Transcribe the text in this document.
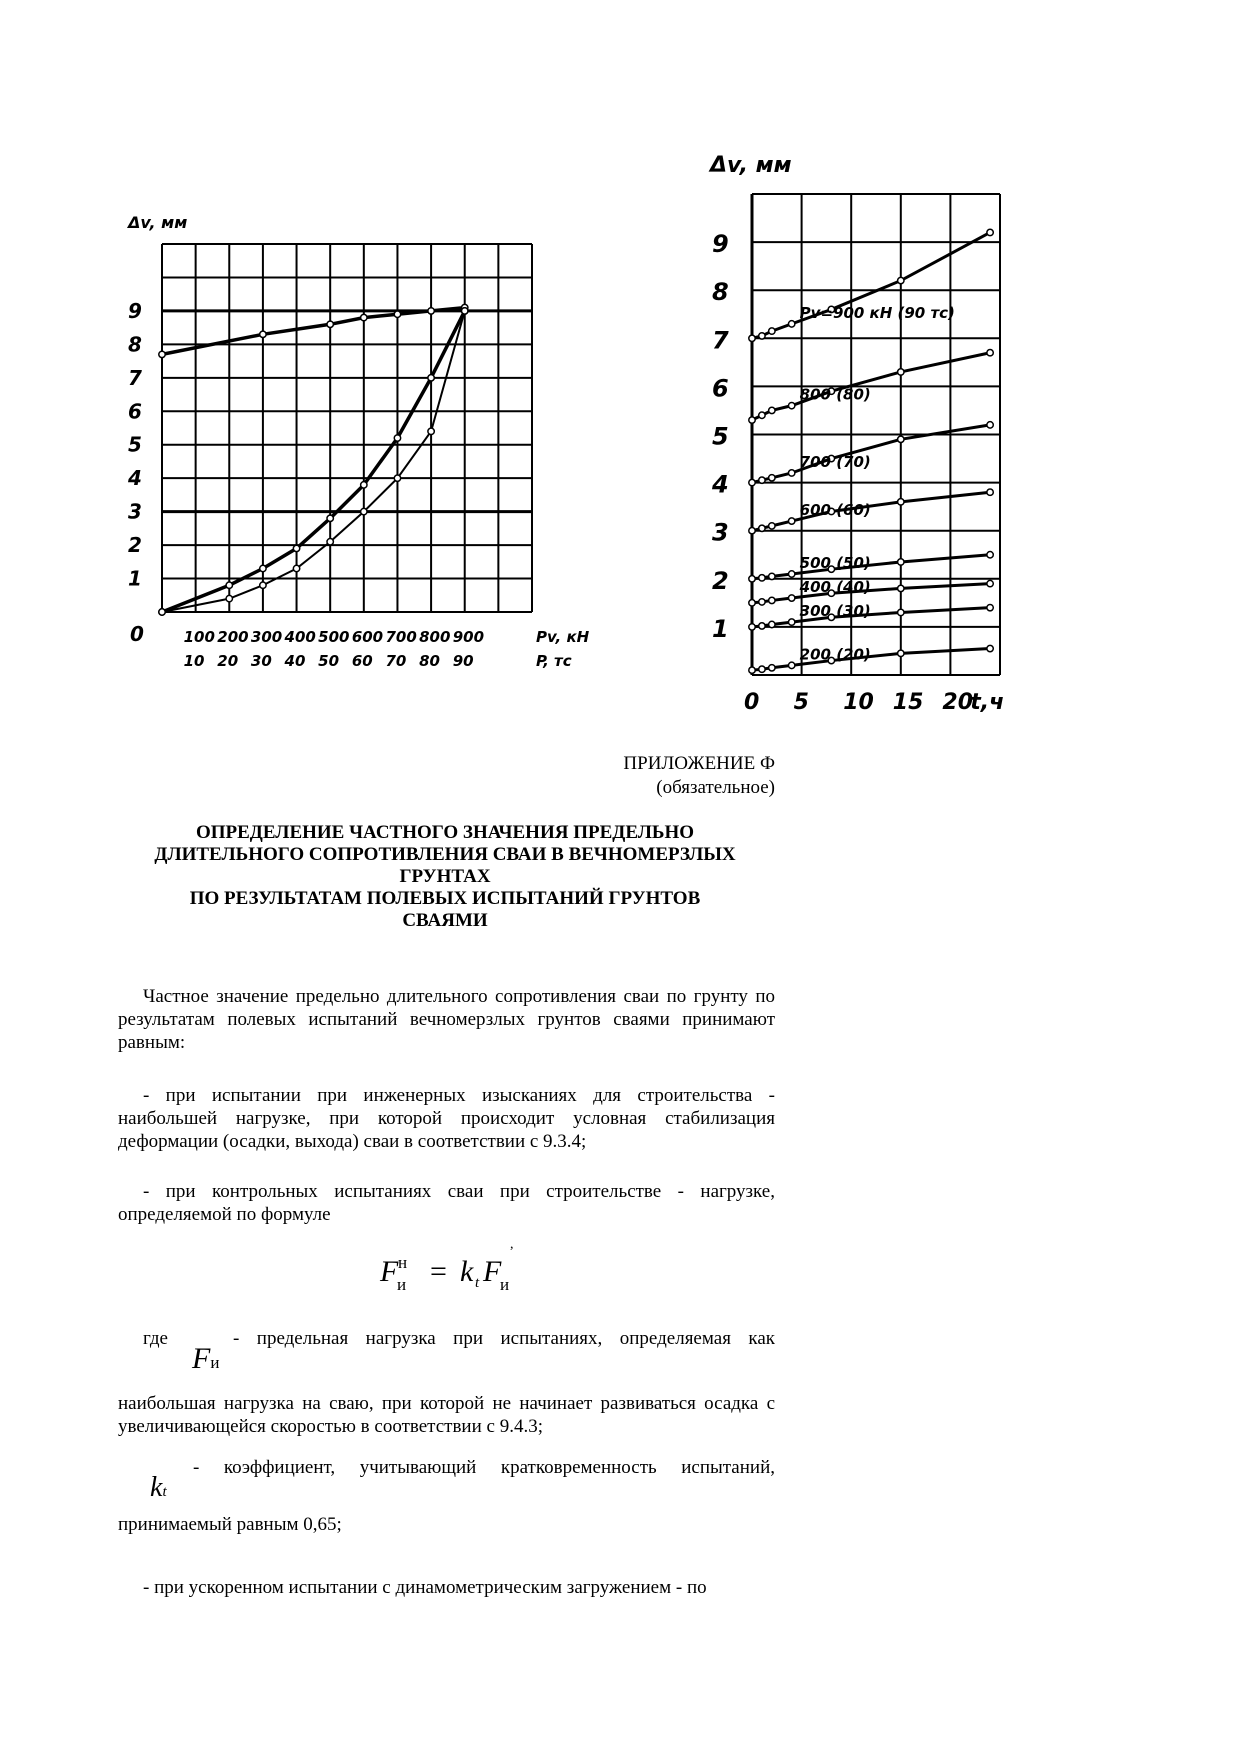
0
1
2
3
4
5
6
7
8
9
100 200 300 400 500 600 700 800 900
10 20 30 40 50 60 70 80 90
Pv, кН
P, тс
Δv, мм
Pv=900 кН (90 тс)
800 (80)
700 (70)
600 (60)
500 (50)
400 (40)
300 (30)
200 (20)
1
2
3
4
5
6
7
8
9
0 5 10 15 20
t,ч
Δv, мм
ПРИЛОЖЕНИЕ Ф
(обязательное)
ОПРЕДЕЛЕНИЕ ЧАСТНОГО ЗНАЧЕНИЯ ПРЕДЕЛЬНО
ДЛИТЕЛЬНОГО СОПРОТИВЛЕНИЯ СВАИ В ВЕЧНОМЕРЗЛЫХ
ГРУНТАХ
ПО РЕЗУЛЬТАТАМ ПОЛЕВЫХ ИСПЫТАНИЙ ГРУНТОВ
СВАЯМИ
Частное значение предельно длительного сопротивления сваи по грунту по результатам полевых испытаний вечномерзлых грунтов сваями принимают равным:
- при испытании при инженерных изысканиях для строительства - наибольшей нагрузке, при которой происходит условная стабилизация деформации (осадки, выхода) сваи в соответствии с 9.3.4;
- при контрольных испытаниях сваи при строительстве - нагрузке, определяемой по формуле
F
и
н = k t F
и
,
где	- предельная нагрузка при испытаниях, определяемая как
Fи
наибольшая нагрузка на сваю, при которой не начинает развиваться осадка с увеличивающейся скоростью в соответствии с 9.4.3;
- коэффициент, учитывающий кратковременность испытаний,
kt
принимаемый равным 0,65;
- при ускоренном испытании с динамометрическим загружением - по
